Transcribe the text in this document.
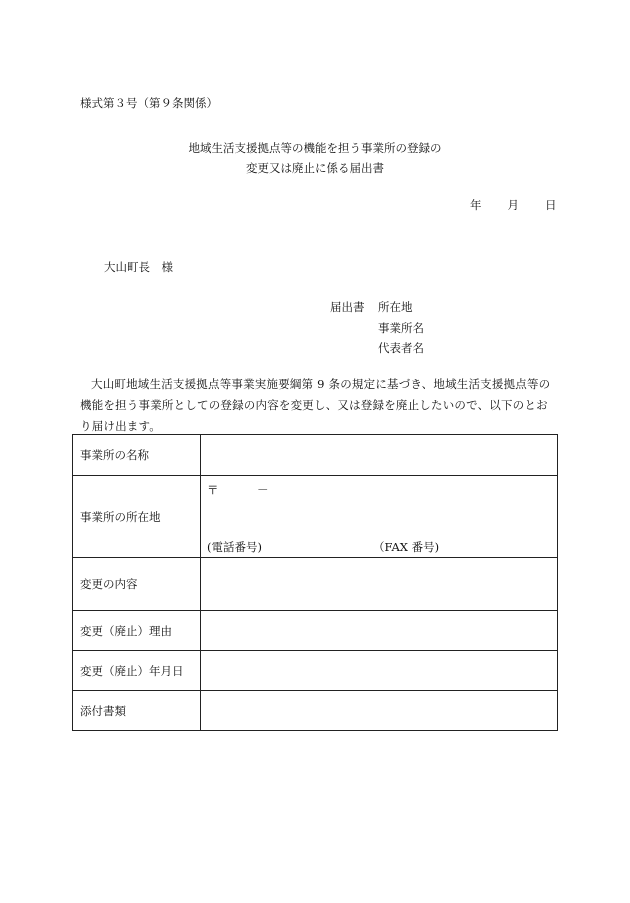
様式第３号（第９条関係）
地域生活支援拠点等の機能を担う事業所の登録の
変更又は廃止に係る届出書
年 月 日
大山町長　様
届出書 所在地
事業所名
代表者名
大山町地域生活支援拠点等事業実施要綱第 9 条の規定に基づき、地域生活支援拠点等の機能を担う事業所としての登録の内容を変更し、又は登録を廃止したいので、以下のとおり届け出ます。
事業所の名称	
事業所の所在地	〒 －
(電話番号) （FAX 番号)

変更の内容	
変更（廃止）理由	
変更（廃止）年月日	
添付書類	
